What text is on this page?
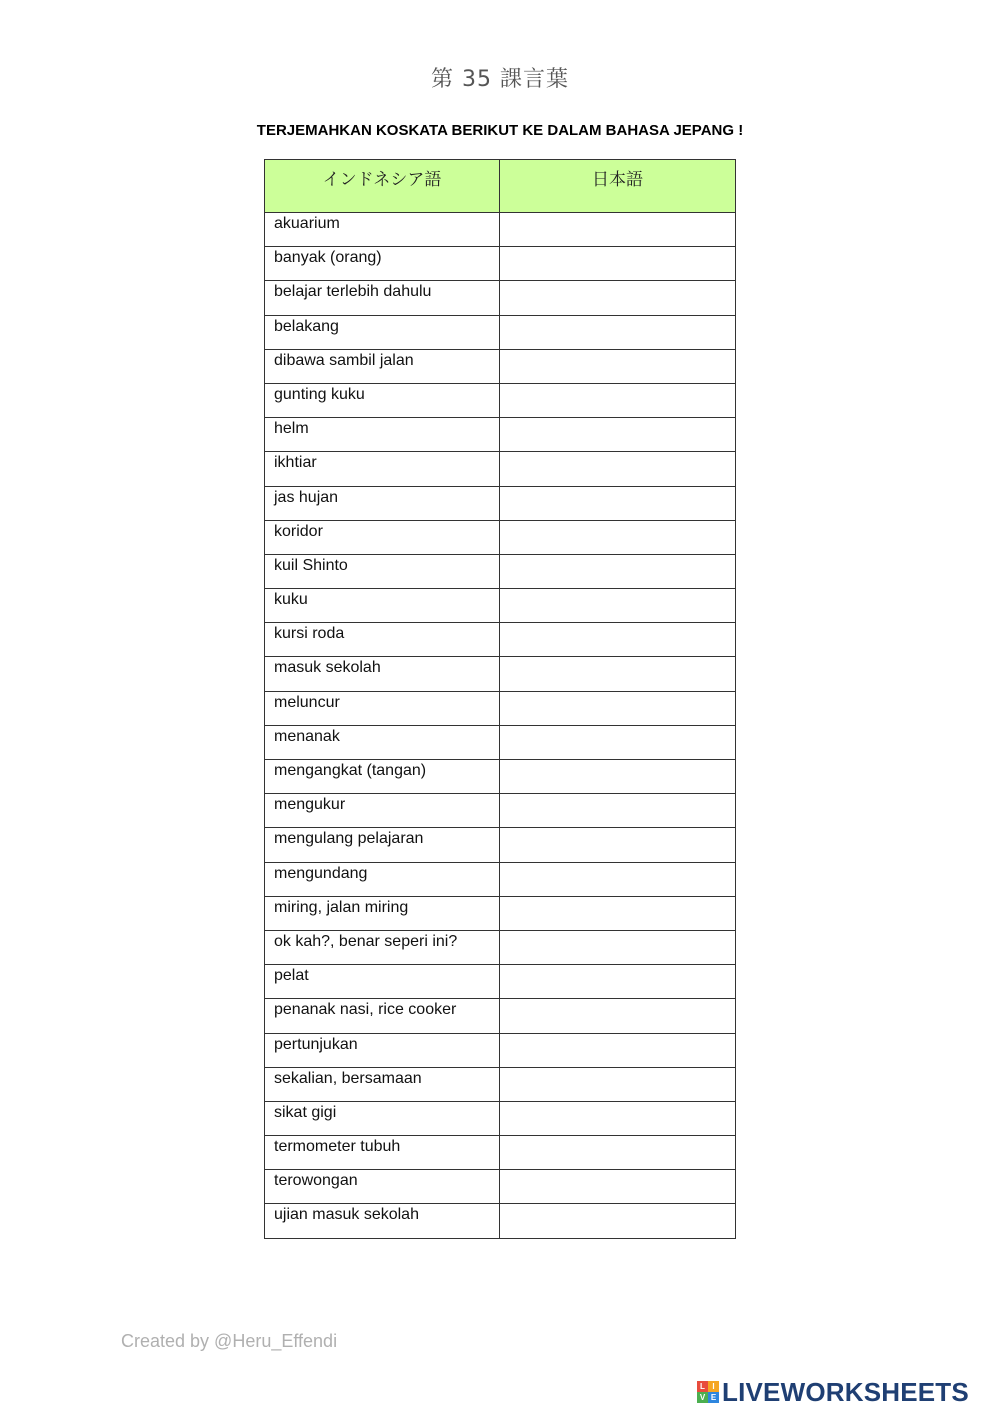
第 35 課言葉
TERJEMAHKAN KOSKATA BERIKUT KE DALAM BAHASA JEPANG !
インドネシア語	日本語
akuarium	
banyak (orang)	
belajar terlebih dahulu	
belakang	
dibawa sambil jalan	
gunting kuku	
helm	
ikhtiar	
jas hujan	
koridor	
kuil Shinto	
kuku	
kursi roda	
masuk sekolah	
meluncur	
menanak	
mengangkat (tangan)	
mengukur	
mengulang pelajaran	
mengundang	
miring, jalan miring	
ok kah?, benar seperi ini?	
pelat	
penanak nasi, rice cooker	
pertunjukan	
sekalian, bersamaan	
sikat gigi	
termometer tubuh	
terowongan	
ujian masuk sekolah	
Created by @Heru_Effendi
L I
V E LIVEWORKSHEETS
